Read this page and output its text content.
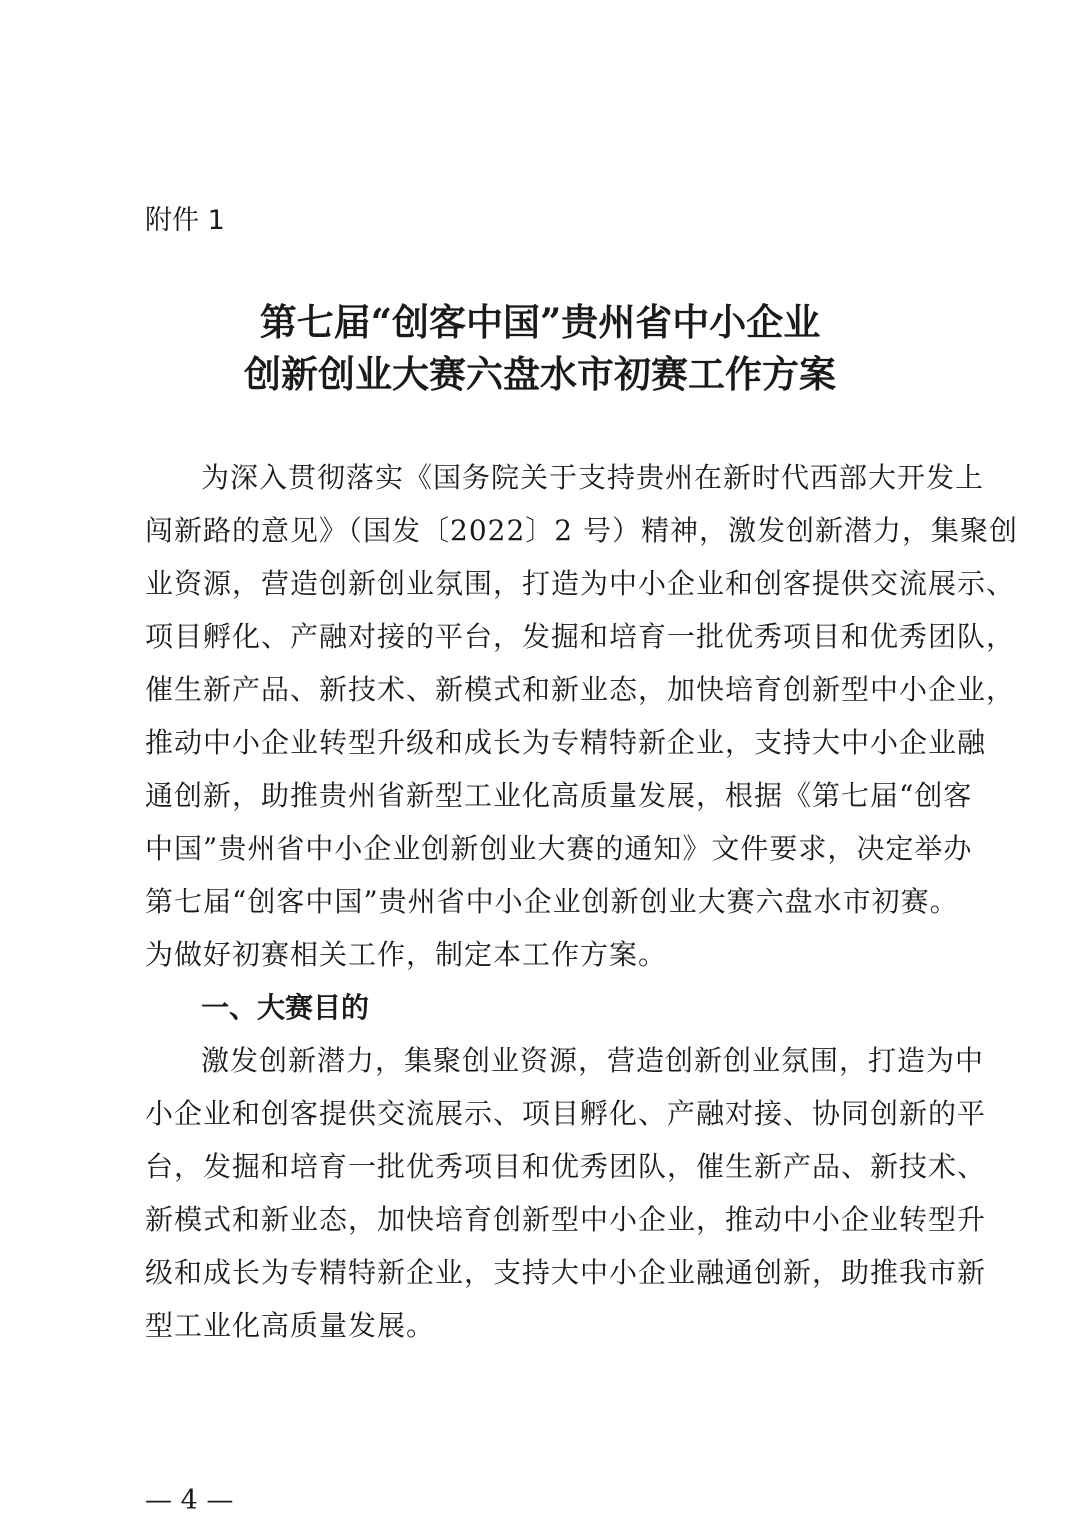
附件 1
第七届“创客中国”贵州省中小企业
创新创业大赛六盘水市初赛工作方案
为深入贯彻落实《国务院关于支持贵州在新时代西部大开发上
闯新路的意见》（国发〔2022〕2 号）精神，激发创新潜力，集聚创
业资源，营造创新创业氛围，打造为中小企业和创客提供交流展示、
项目孵化、产融对接的平台，发掘和培育一批优秀项目和优秀团队，
催生新产品、新技术、新模式和新业态，加快培育创新型中小企业，
推动中小企业转型升级和成长为专精特新企业，支持大中小企业融
通创新，助推贵州省新型工业化高质量发展，根据《第七届“创客
中国”贵州省中小企业创新创业大赛的通知》文件要求，决定举办
第七届“创客中国”贵州省中小企业创新创业大赛六盘水市初赛。
为做好初赛相关工作，制定本工作方案。
一、大赛目的
激发创新潜力，集聚创业资源，营造创新创业氛围，打造为中
小企业和创客提供交流展示、项目孵化、产融对接、协同创新的平
台，发掘和培育一批优秀项目和优秀团队，催生新产品、新技术、
新模式和新业态，加快培育创新型中小企业，推动中小企业转型升
级和成长为专精特新企业，支持大中小企业融通创新，助推我市新
型工业化高质量发展。
— 4 —
